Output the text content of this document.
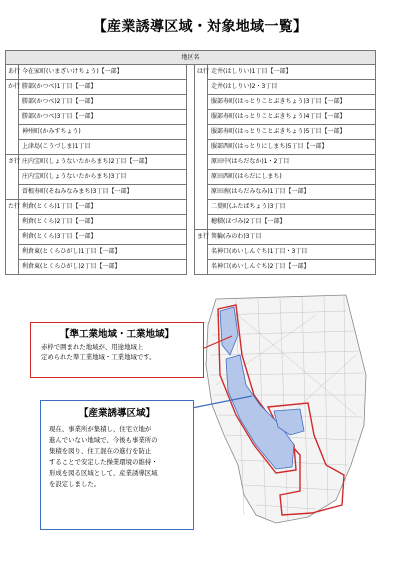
【産業誘導区域・対象地域一覧】
地区名				
あ行	今在家町(いまざいけちょう)【一部】		は行	走井(はしりい)1丁目【一部】
か行	勝部(かつべ)1丁目【一部】			走井(はしりい)2・3丁目
	勝部(かつべ)2丁目【一部】			服部寿町(はっとりことぶきちょう)3丁目【一部】
	勝部(かつべ)3丁目【一部】			服部寿町(はっとりことぶきちょう)4丁目【一部】
	神州町(かみすちょう)			服部寿町(はっとりことぶきちょう)5丁目【一部】
	上津島(こうづしま)1丁目			服部西町(はっとりにしまち)5丁目【一部】
さ行	庄内宝町(しょうないたからまち)2丁目【一部】			原田中(はらだなか)1・2丁目
	庄内宝町(しょうないたからまち)3丁目			原田西町(はらだにしまち)
	曽根寿町(そねみなみまち)3丁目【一部】			原田南(はらだみなみ)1丁目【一部】
た行	利倉(とくら)1丁目【一部】			二葉町(ふたばちょう)3丁目
	利倉(とくら)2丁目【一部】			穂積(ほづみ)2丁目【一部】
	利倉(とくら)3丁目【一部】		ま行	箕輪(みのわ)3丁目
	利倉東(とくらひがし)1丁目【一部】			名神口(めいしんぐち)1丁目・3丁目
	利倉東(とくらひがし)2丁目【一部】			名神口(めいしんぐち)2丁目【一部】
【準工業地域・工業地域】
赤枠で囲まれた地域が、用途地域上
定められた準工業地域・工業地域です。
【産業誘導区域】
現在、事業所が集積し、住宅立地が
進んでいない地域で、今後も事業所の
集積を図り、住工混在の進行を防止
することで安定した操業環境の維持・
形成を図る区域として、産業誘導区域
を設定しました。
